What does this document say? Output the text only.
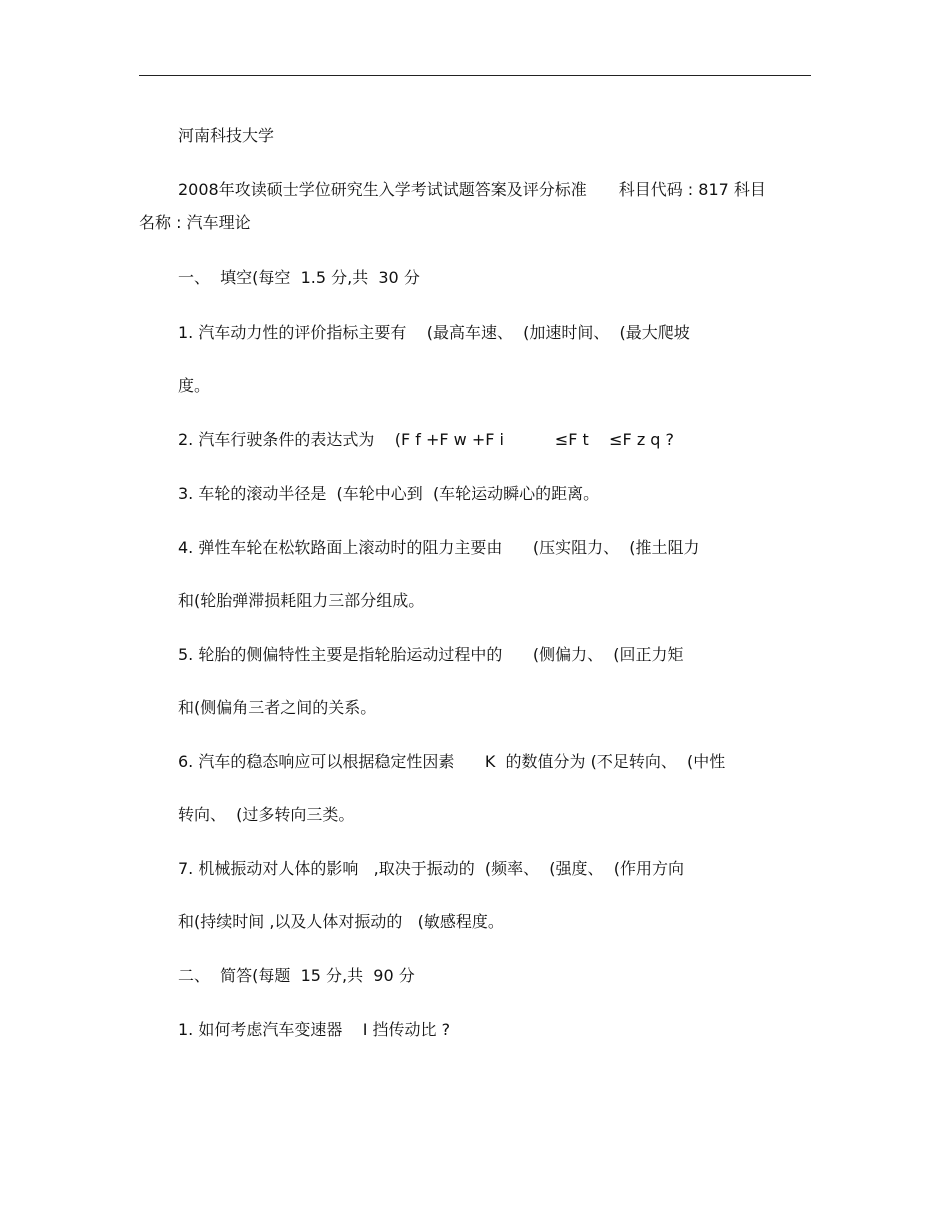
河南科技大学
2008年攻读硕士学位研究生入学考试试题答案及评分标准　　科目代码 : 817 科目
名称 : 汽车理论
一、  填空(每空  1.5 分,共  30 分
1. 汽车动力性的评价指标主要有    (最高车速、  (加速时间、  (最大爬坡
度。
2. 汽车行驶条件的表达式为    (F f +F w +F i          ≤F t    ≤F z q ?
3. 车轮的滚动半径是  (车轮中心到  (车轮运动瞬心的距离。
4. 弹性车轮在松软路面上滚动时的阻力主要由      (压实阻力、  (推土阻力
和(轮胎弹滞损耗阻力三部分组成。
5. 轮胎的侧偏特性主要是指轮胎运动过程中的      (侧偏力、  (回正力矩
和(侧偏角三者之间的关系。
6. 汽车的稳态响应可以根据稳定性因素      K  的数值分为 (不足转向、  (中性
转向、  (过多转向三类。
7. 机械振动对人体的影响   ,取决于振动的  (频率、  (强度、  (作用方向
和(持续时间 ,以及人体对振动的   (敏感程度。
二、  简答(每题  15 分,共  90 分
1. 如何考虑汽车变速器    I 挡传动比 ?
